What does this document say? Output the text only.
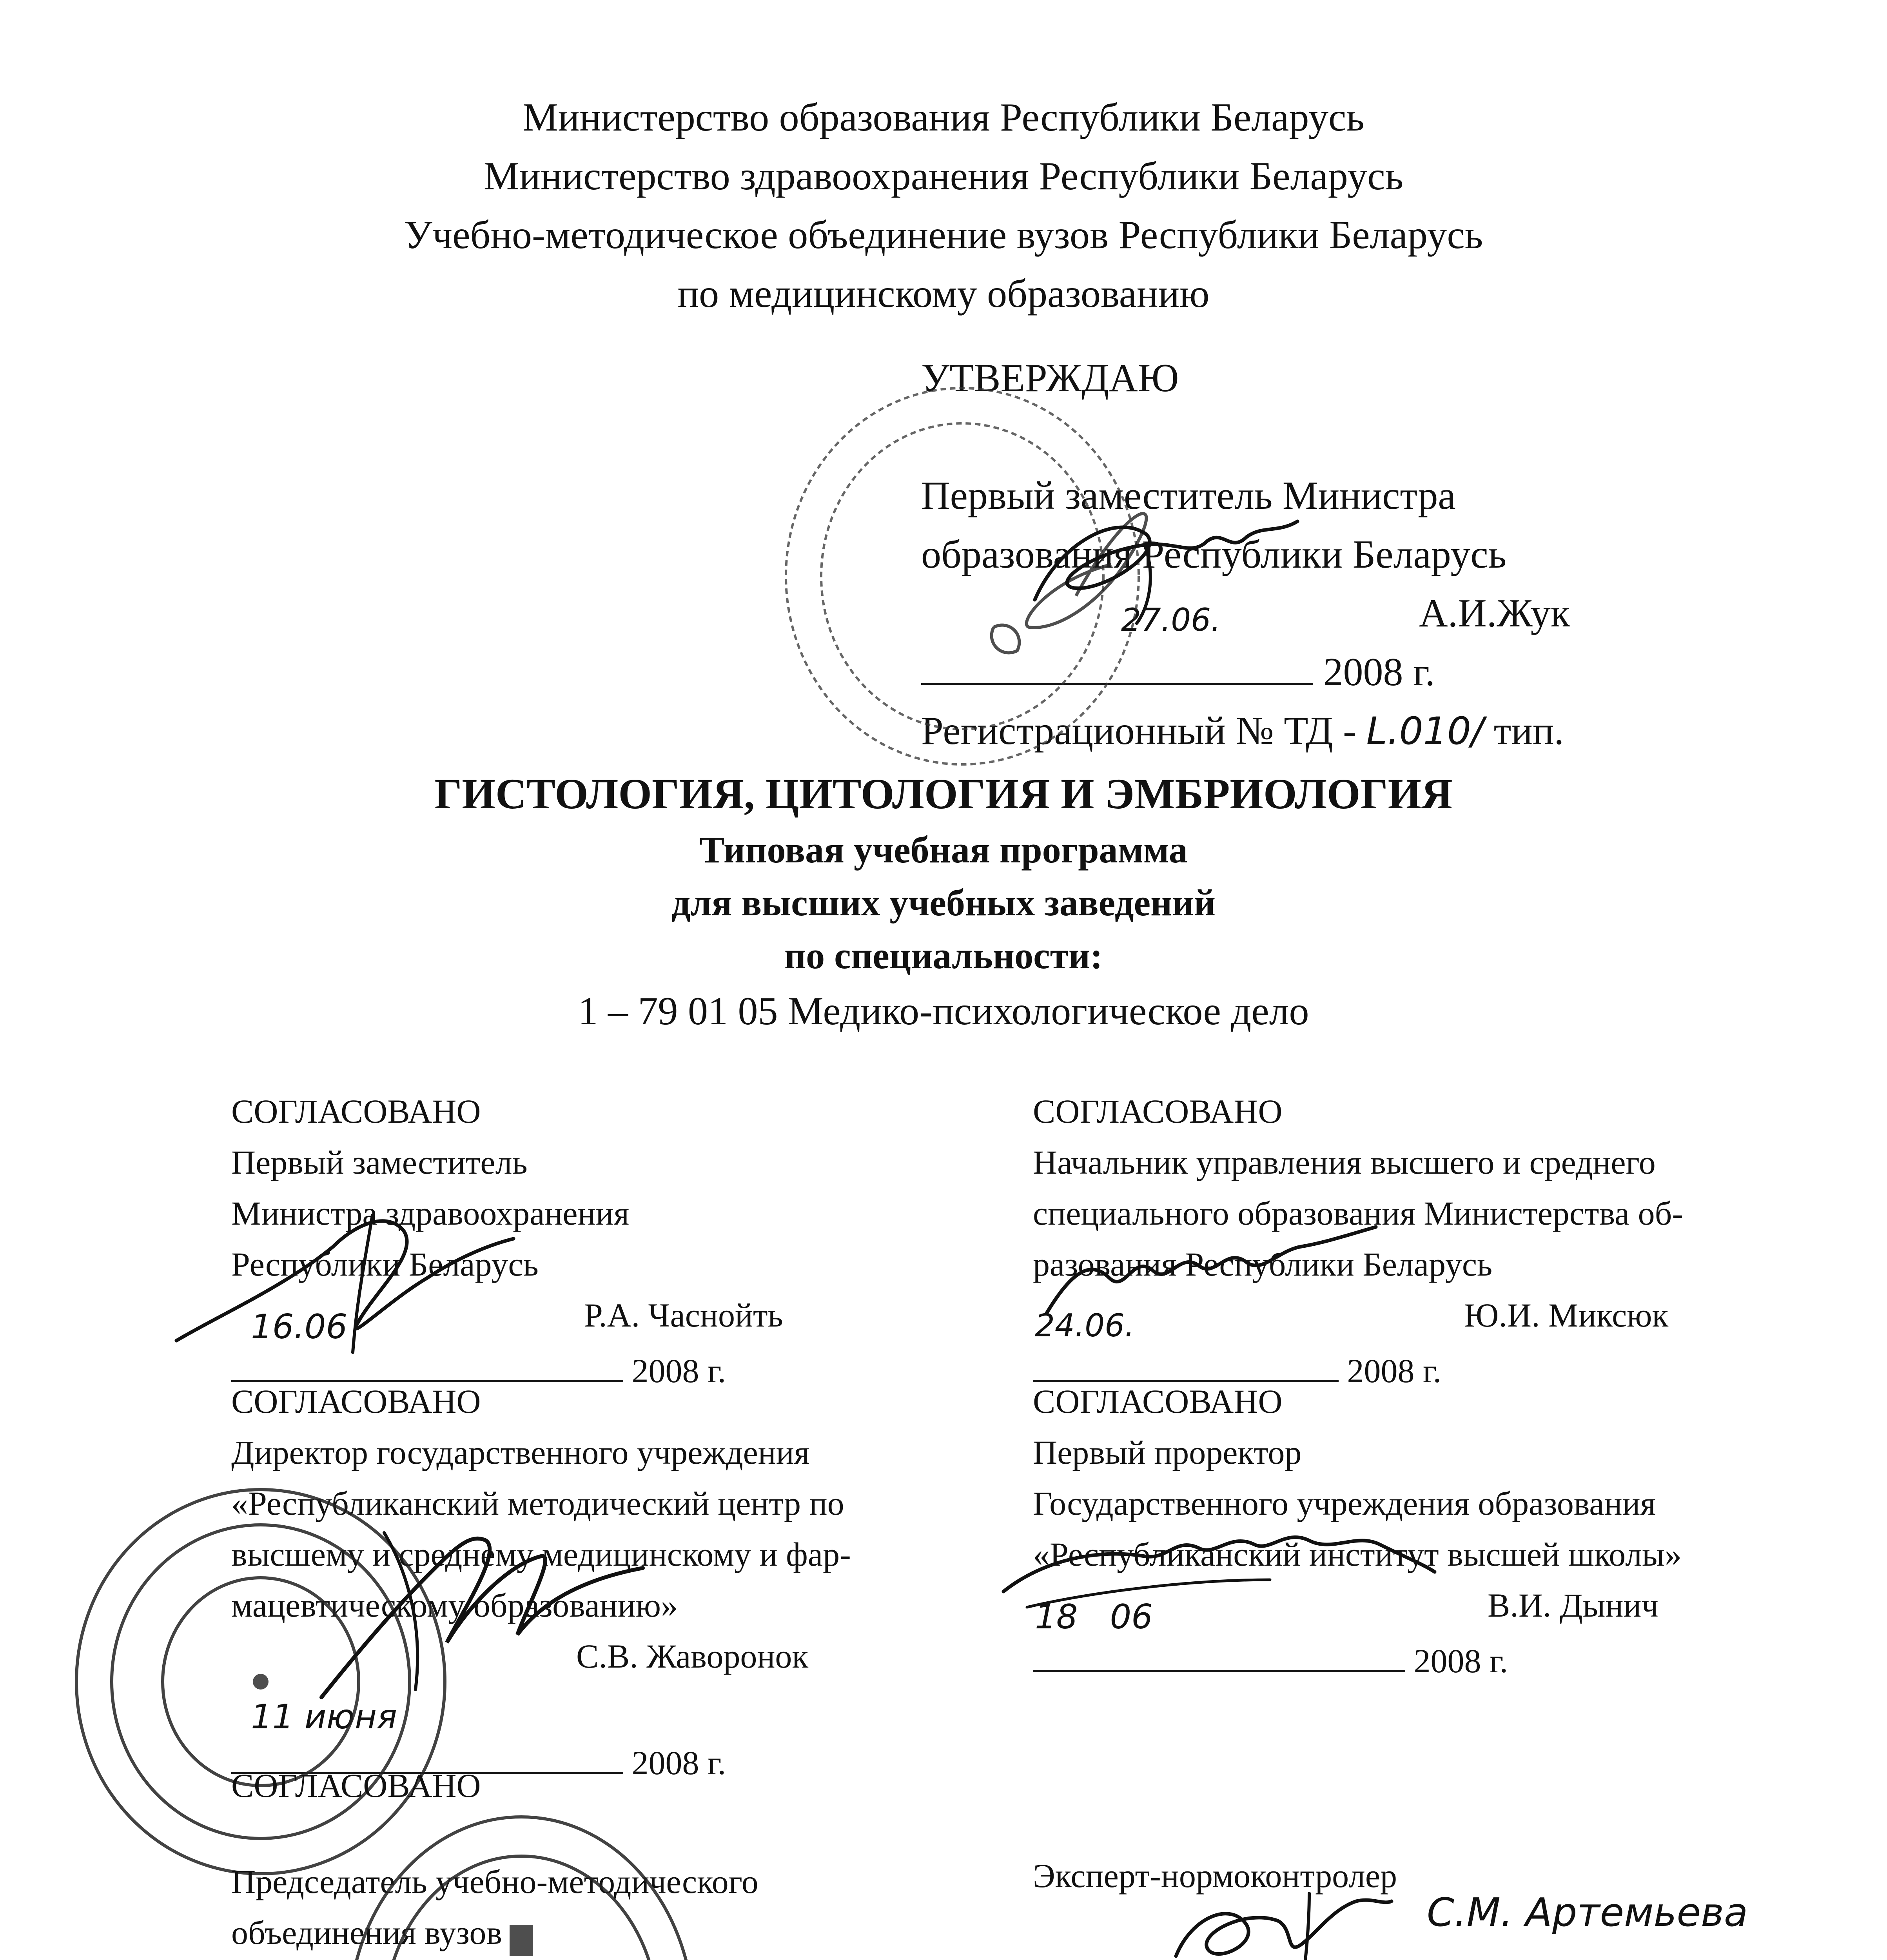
Министерство образования Республики Беларусь
Министерство здравоохранения Республики Беларусь
Учебно-методическое объединение вузов Республики Беларусь
по медицинскому образованию
УТВЕРЖДАЮ
Первый заместитель Министра
образования Республики Беларусь
А.И.Жук
2008 г.
Регистрационный № ТД - L.010/ тип.
27.06.
ГИСТОЛОГИЯ, ЦИТОЛОГИЯ И ЭМБРИОЛОГИЯ
Типовая учебная программа
для высших учебных заведений
по специальности:
1 – 79 01 05 Медико-психологическое дело
СОГЛАСОВАНО
Первый заместитель
Министра здравоохранения
Республики Беларусь
Р.А. Часнойть
2008 г.
16.06
СОГЛАСОВАНО
Начальник управления высшего и среднего
специального образования Министерства об-
разования Республики Беларусь
Ю.И. Миксюк
2008 г.
24.06.
СОГЛАСОВАНО
Директор государственного учреждения
«Республиканский методический центр по
высшему и среднему медицинскому и фар-
мацевтическому образованию»
С.В. Жаворонок
2008 г.
11 июня
СОГЛАСОВАНО
Первый проректор
Государственного учреждения образования
«Республиканский институт высшей школы»
В.И. Дынич
2008 г.
18   06
СОГЛАСОВАНО
Председатель учебно-методического
объединения вузов
Эксперт-нормоконтролер
С.М. Артемьева
